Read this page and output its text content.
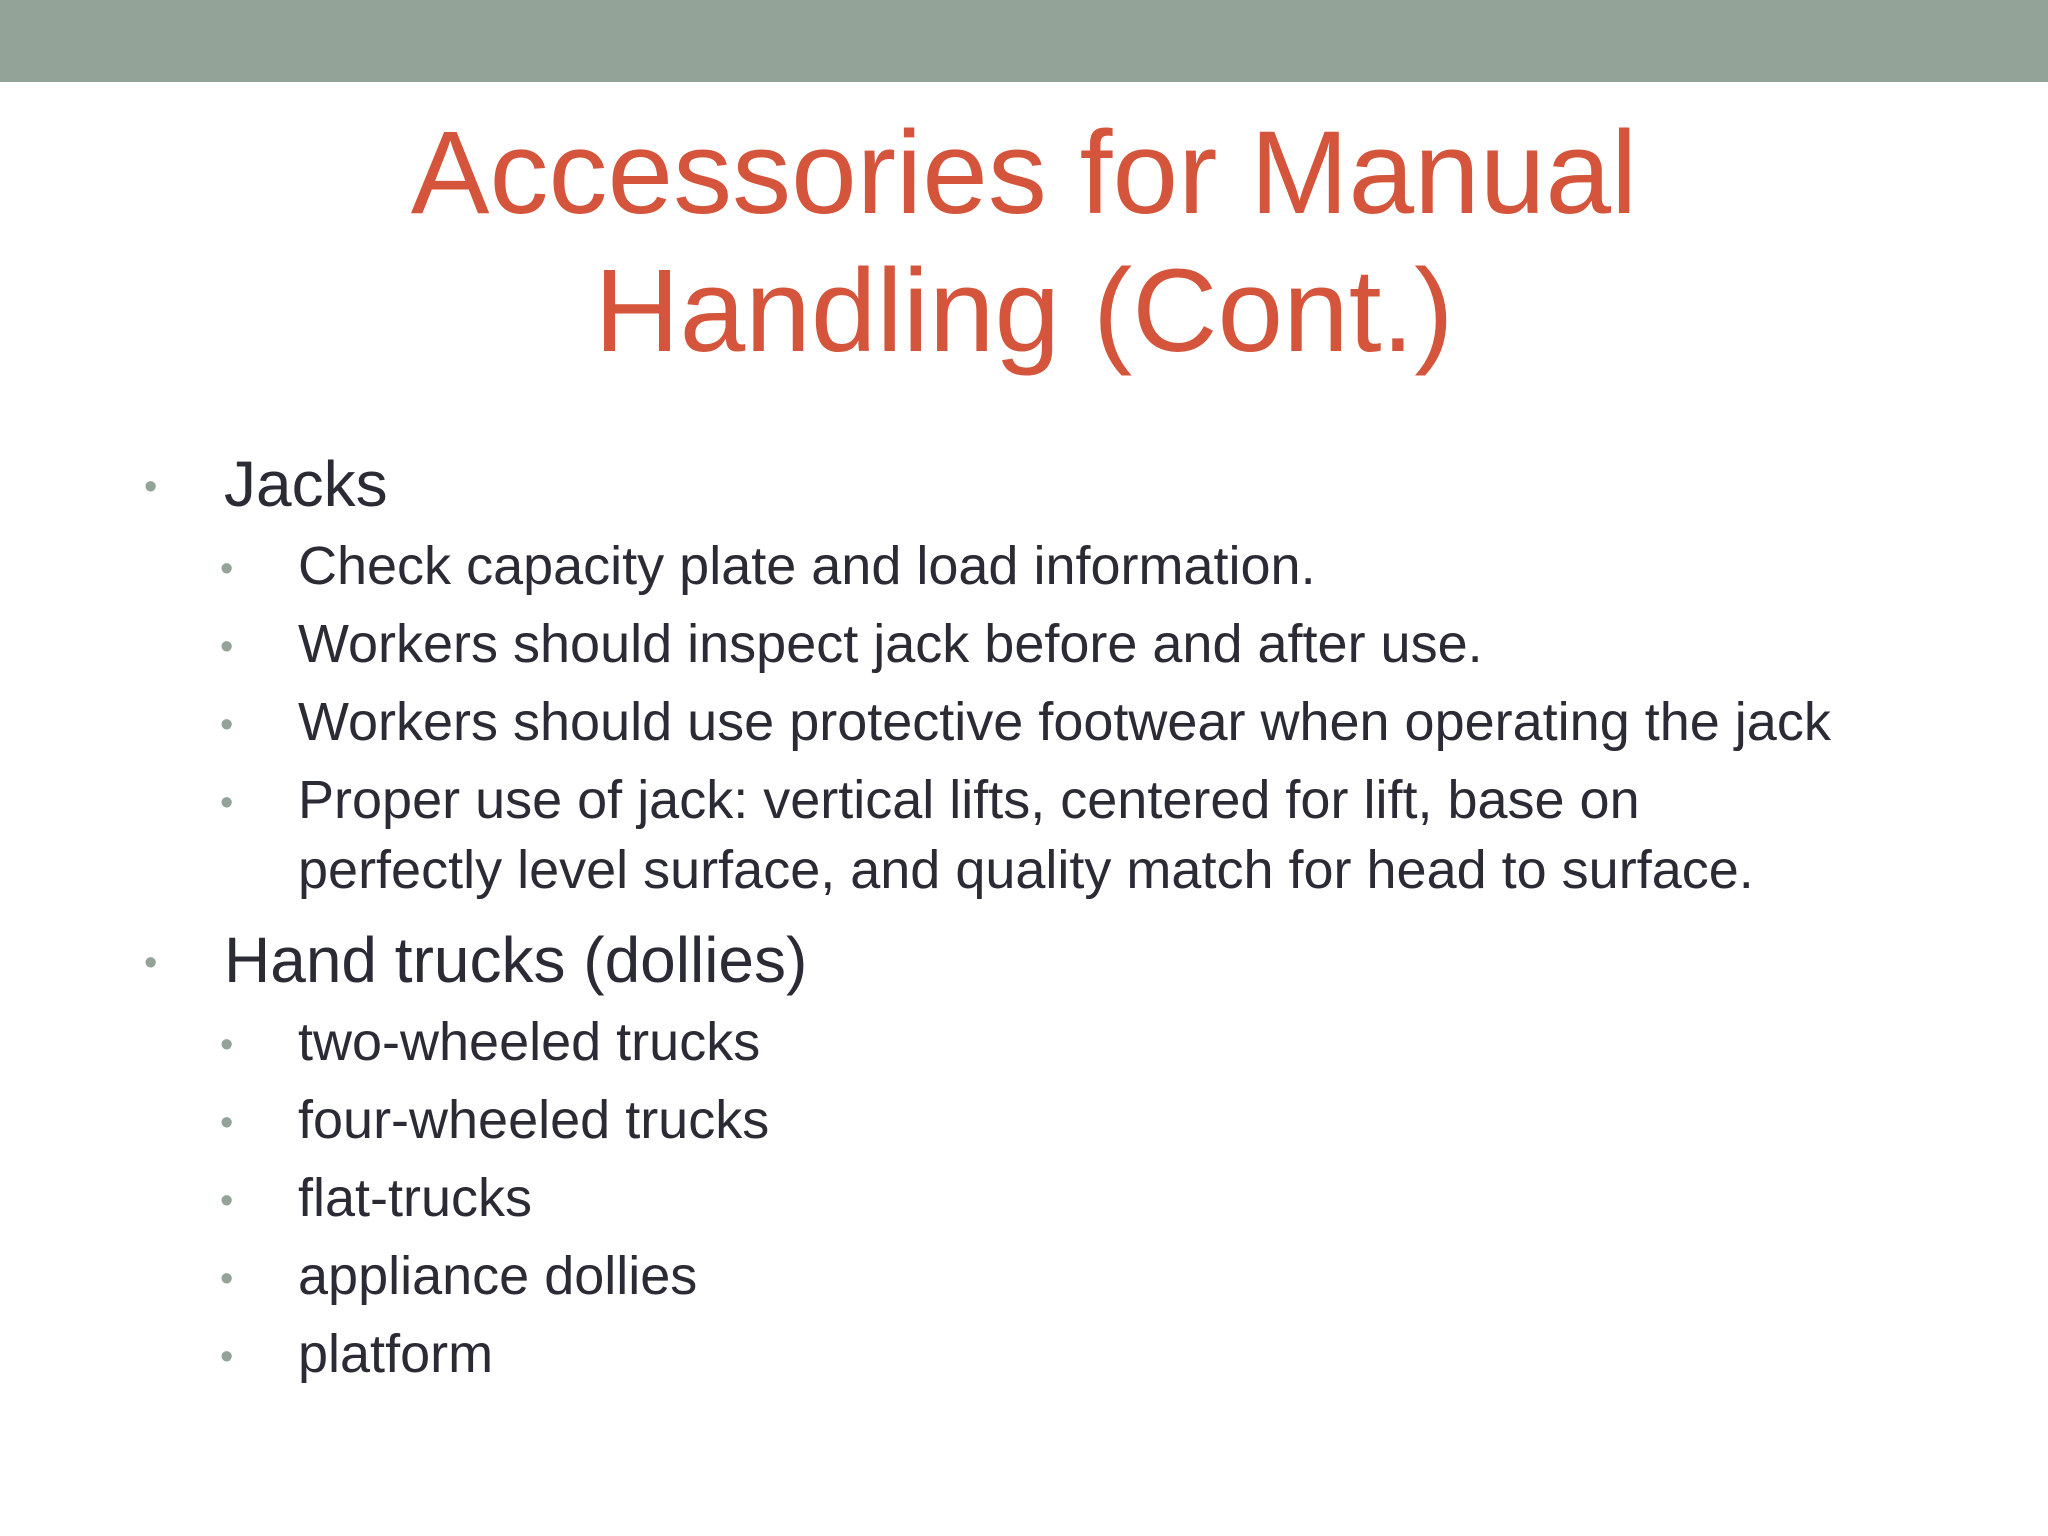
Accessories for Manual
Handling (Cont.)
• Jacks
• Check capacity plate and load information.
• Workers should inspect jack before and after use.
• Workers should use protective footwear when operating the jack
• Proper use of jack: vertical lifts, centered for lift, base on
perfectly level surface, and quality match for head to surface.
• Hand trucks (dollies)
• two-wheeled trucks
• four-wheeled trucks
• flat-trucks
• appliance dollies
• platform
